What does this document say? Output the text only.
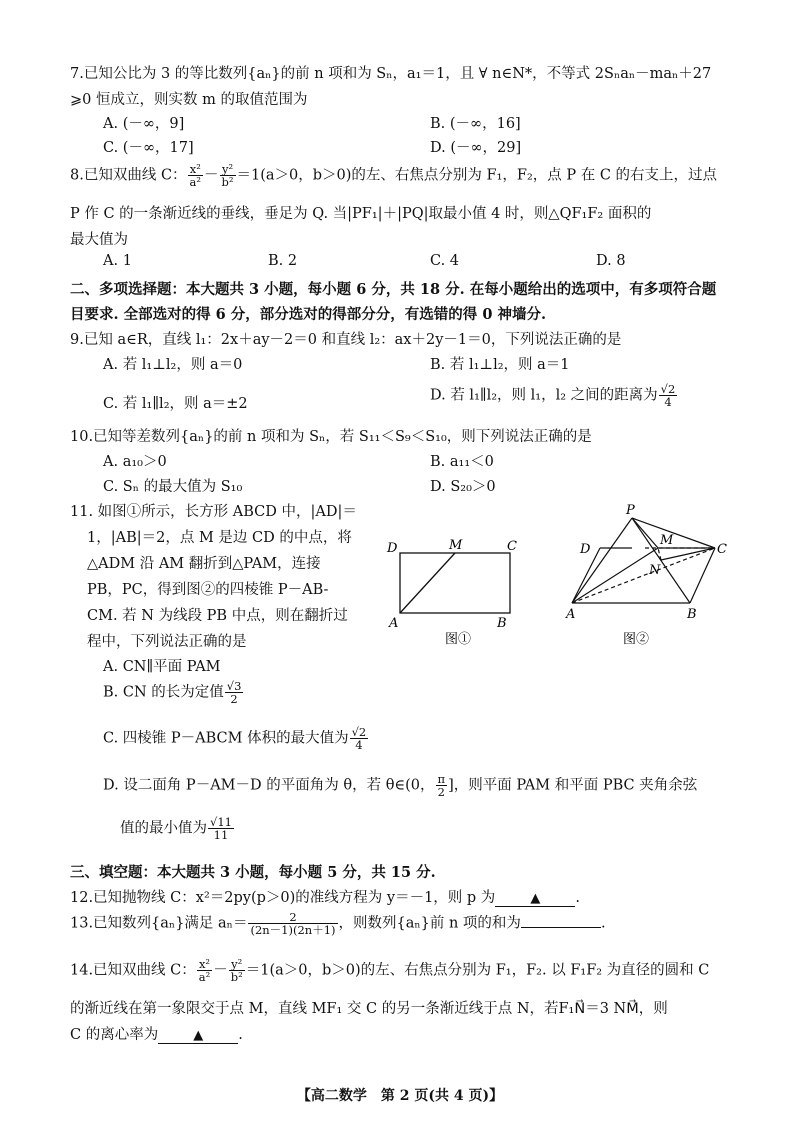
7.已知公比为 3 的等比数列{aₙ}的前 n 项和为 Sₙ，a₁＝1，且 ∀ n∈N*，不等式 2Sₙaₙ－maₙ＋27
⩾0 恒成立，则实数 m 的取值范围为
A. (－∞，9]	B. (－∞，16]
C. (－∞，17]	D. (－∞，29]
8.已知双曲线 C： $\frac{\text{x²}}{\text{a²}} - \frac{\text{y²}}{\text{b²}} =1(a>0$，b＞0)的左、右焦点分别为 F₁，F₂，点 P 在 C 的右支上，过点
P 作 C 的一条渐近线的垂线，垂足为 Q. 当|PF₁|＋|PQ|取最小值 4 时，则△QF₁F₂ 面积的
最大值为
A. 1	B. 2	C. 4	D. 8
二、多项选择题：本大题共 3 小题，每小题 6 分，共 18 分. 在每小题给出的选项中，有多项符合题
目要求. 全部选对的得 6 分，部分选对的得部分分，有选错的得 0 神墙分.
9.已知 a∈R，直线 l₁：2x＋ay－2＝0 和直线 l₂：ax＋2y－1＝0，下列说法正确的是
A. 若 l₁⊥l₂，则 a＝0	B. 若 l₁⊥l₂，则 a＝1
C. 若 l₁∥l₂，则 a＝±2
D. 若 l₁∥l₂，则 l₁，l₂ 之间的距离为 $\frac{√2}{4}$
10.已知等差数列{aₙ}的前 n 项和为 Sₙ，若 S₁₁＜S₉＜S₁₀，则下列说法正确的是
A. a₁₀＞0	B. a₁₁＜0
C. Sₙ 的最大值为 S₁₀	D. S₂₀＞0
11. 如图①所示，长方形 ABCD 中，|AD|＝
1，|AB|＝2，点 M 是边 CD 的中点，将
△ADM 沿 AM 翻折到△PAM，连接
PB，PC，得到图②的四棱锥 P－AB-
CM. 若 N 为线段 PB 中点，则在翻折过
程中，下列说法正确的是
A. CN∥平面 PAM
B. CN 的长为定值 $\frac{√3}{2}$
C. 四棱锥 P－ABCM 体积的最大值为 $\frac{√2}{4}$
D. 设二面角 P－AM－D 的平面角为 θ，若 θ∈(0， $\frac{\pi}{2}$ ]，则平面 PAM 和平面 PBC 夹角余弦
值的最小值为 $\frac{√11}{11}$
D	M	C
A	B
图①
P
D
M
C
N
A	B
图②
三、填空题：本大题共 3 小题，每小题 5 分，共 15 分.
12.已知抛物线 C：x²＝2py(p＞0)的准线方程为 y＝－1，则 p 为	▲ .
13.已知数列{aₙ}满足 $a_n= \frac{2}{(2n-1)(2n+1)}$ ，则数列{aₙ}前 n 项的和为	.
14.已知双曲线 C： $\frac{\text{x²}}{\text{a²}} - \frac{\text{y²}}{\text{b²}} =1(a>0$，b＞0)的左、右焦点分别为 F₁，F₂. 以 F₁F₂ 为直径的圆和 C
的渐近线在第一象限交于点 M，直线 MF₁ 交 C 的另一条渐近线于点 N，若F₁N⃗＝3 NM⃗，则
C 的离心率为	▲ .
【高二数学　第 2 页(共 4 页)】
